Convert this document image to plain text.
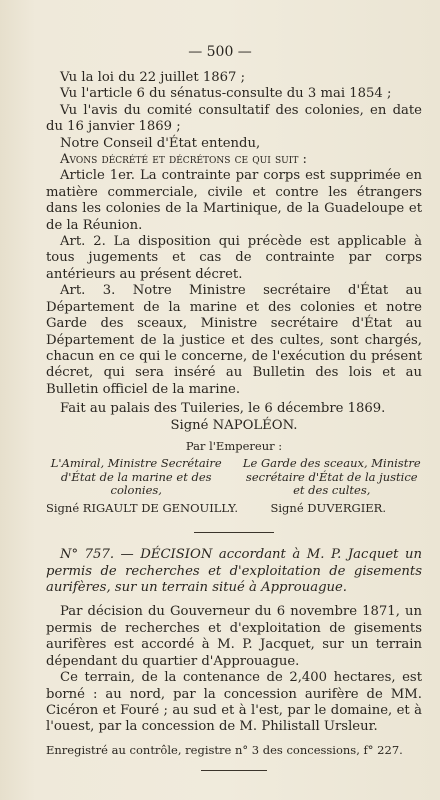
— 500 —

Vu la loi du 22 juillet 1867 ;

Vu l'article 6 du sénatus-consulte du 3 mai 1854 ;

Vu l'avis du comité consultatif des colonies, en date du 16 janvier 1869 ;

Notre Conseil d'État entendu,

Avons décrété et décrétons ce qui suit :

Article 1er. La contrainte par corps est supprimée en matière commerciale, civile et contre les étrangers dans les colonies de la Martinique, de la Guadeloupe et de la Réunion.

Art. 2. La disposition qui précède est applicable à tous jugements et cas de contrainte par corps antérieurs au présent décret.

Art. 3. Notre Ministre secrétaire d'État au Département de la marine et des colonies et notre Garde des sceaux, Ministre secrétaire d'État au Département de la justice et des cultes, sont chargés, chacun en ce qui le concerne, de l'exécution du présent décret, qui sera inséré au Bulletin des lois et au Bulletin officiel de la marine.

Fait au palais des Tuileries, le 6 décembre 1869.

Signé NAPOLÉON.

Par l'Empereur :

L'Amiral, Ministre Secrétaire d'État de la marine et des colonies,
Le Garde des sceaux, Ministre secrétaire d'État de la justice et des cultes,
Signé RIGAULT DE GENOUILLY.	Signé DUVERGIER.

N° 757. — DÉCISION accordant à M. P. Jacquet un permis de recherches et d'exploitation de gisements aurifères, sur un terrain situé à Approuague.

Par décision du Gouverneur du 6 novembre 1871, un permis de recherches et d'exploitation de gisements aurifères est accordé à M. P. Jacquet, sur un terrain dépendant du quartier d'Approuague.

Ce terrain, de la contenance de 2,400 hectares, est borné : au nord, par la concession aurifère de MM. Cicéron et Fouré ; au sud et à l'est, par le domaine, et à l'ouest, par la concession de M. Philistall Ursleur.

Enregistré au contrôle, registre n° 3 des concessions, f° 227.
